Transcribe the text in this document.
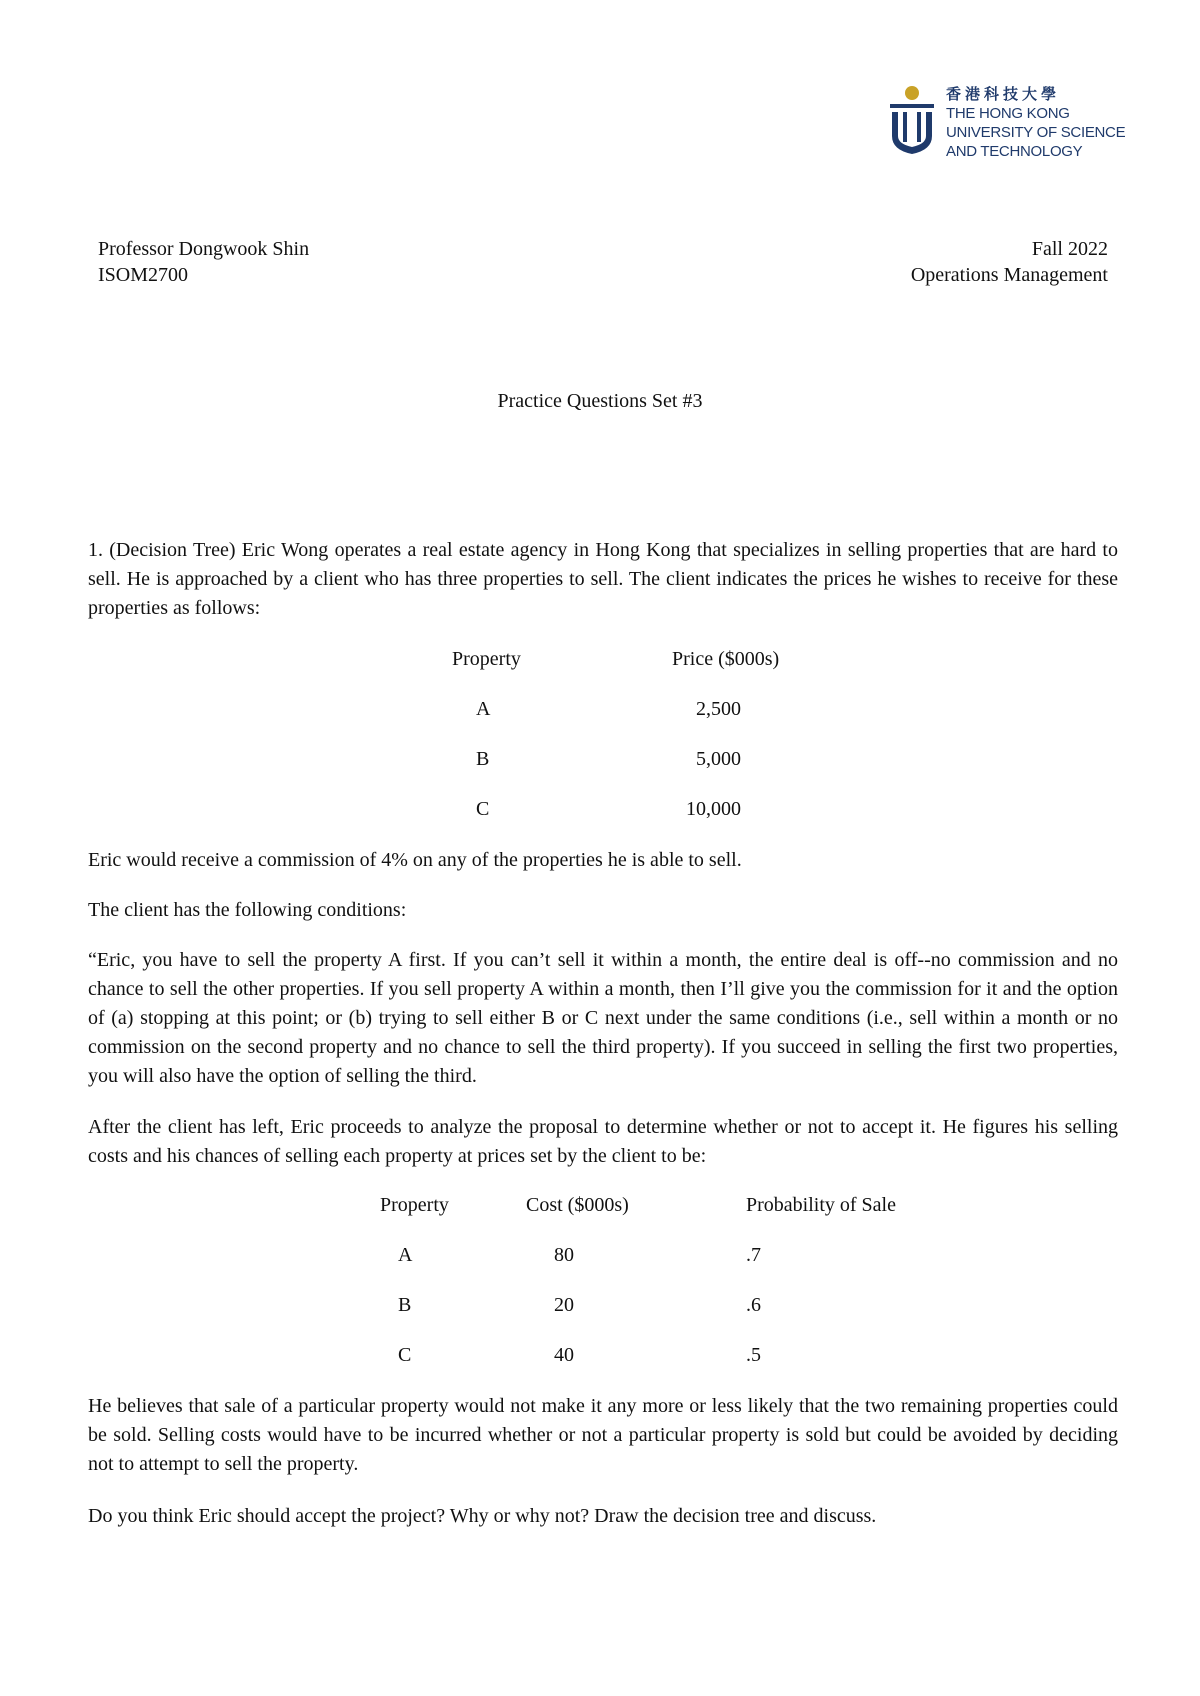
香港科技大學
THE HONG KONG
UNIVERSITY OF SCIENCE
AND TECHNOLOGY
Professor Dongwook Shin
ISOM2700
Fall 2022
Operations Management
Practice Questions Set #3

1. (Decision Tree) Eric Wong operates a real estate agency in Hong Kong that specializes in selling properties that are hard to sell. He is approached by a client who has three properties to sell. The client indicates the prices he wishes to receive for these properties as follows:

Property	Price ($000s)
A	2,500
B	5,000
C	10,000

Eric would receive a commission of 4% on any of the properties he is able to sell.

The client has the following conditions:

“Eric, you have to sell the property A first. If you can’t sell it within a month, the entire deal is off--no commission and no chance to sell the other properties. If you sell property A within a month, then I’ll give you the commission for it and the option of (a) stopping at this point; or (b) trying to sell either B or C next under the same conditions (i.e., sell within a month or no commission on the second property and no chance to sell the third property). If you succeed in selling the first two properties, you will also have the option of selling the third.

After the client has left, Eric proceeds to analyze the proposal to determine whether or not to accept it. He figures his selling costs and his chances of selling each property at prices set by the client to be:

Property	Cost ($000s)	Probability of Sale
A	80	.7
B	20	.6
C	40	.5

He believes that sale of a particular property would not make it any more or less likely that the two remaining properties could be sold. Selling costs would have to be incurred whether or not a particular property is sold but could be avoided by deciding not to attempt to sell the property.

Do you think Eric should accept the project? Why or why not? Draw the decision tree and discuss.
